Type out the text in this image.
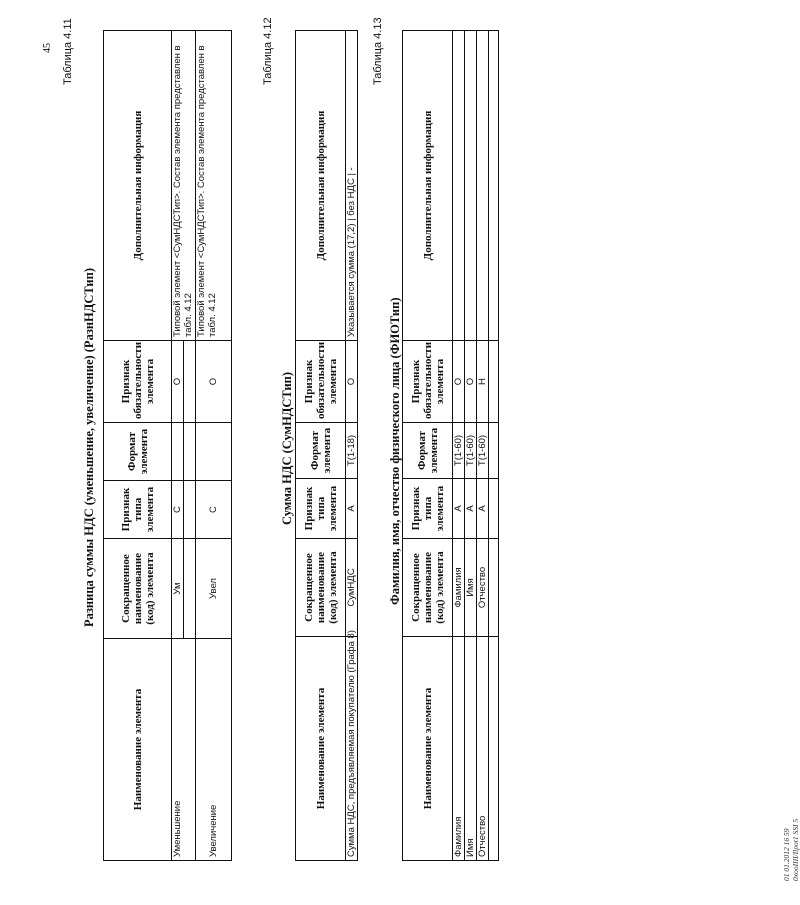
45 Таблица 4.11
Разница суммы НДС (уменьшение, увеличение) (РазнНДСТип)
Наименование элемента	Сокращенное наименование (код) элемента	Признак типа элемента	Формат элемента	Признак обязательности элемента	Дополнительная информация
Уменьшение	Ум	С		О	Типовой элемент <СумНДСТип>. Состав элемента представлен в табл. 4.12

Увеличение	Увел	С		О	Типовой элемент <СумНДСТип>. Состав элемента представлен в табл. 4.12
Таблица 4.12
Сумма НДС (СумНДСТип)
Наименование элемента	Сокращенное наименование (код) элемента	Признак типа элемента	Формат элемента	Признак обязательности элемента	Дополнительная информация
Сумма НДС, предъявляемая покупателю (Графа 8)	СумНДС	А	Т(1-18)	О	Указывается сумма (17,2) | без НДС | -
Таблица 4.13
Фамилия, имя, отчество физического лица (ФИОТип)
Наименование элемента	Сокращенное наименование (код) элемента	Признак типа элемента	Формат элемента	Признак обязательности элемента	Дополнительная информация
Фамилия	Фамилия	А	Т(1-60)	О	
Имя	Имя	А	Т(1-60)	О	
Отчество	Отчество	А	Т(1-60)	Н	

01 01.2012 16 59 0xooIIII/Ilpot1 SSI 5
